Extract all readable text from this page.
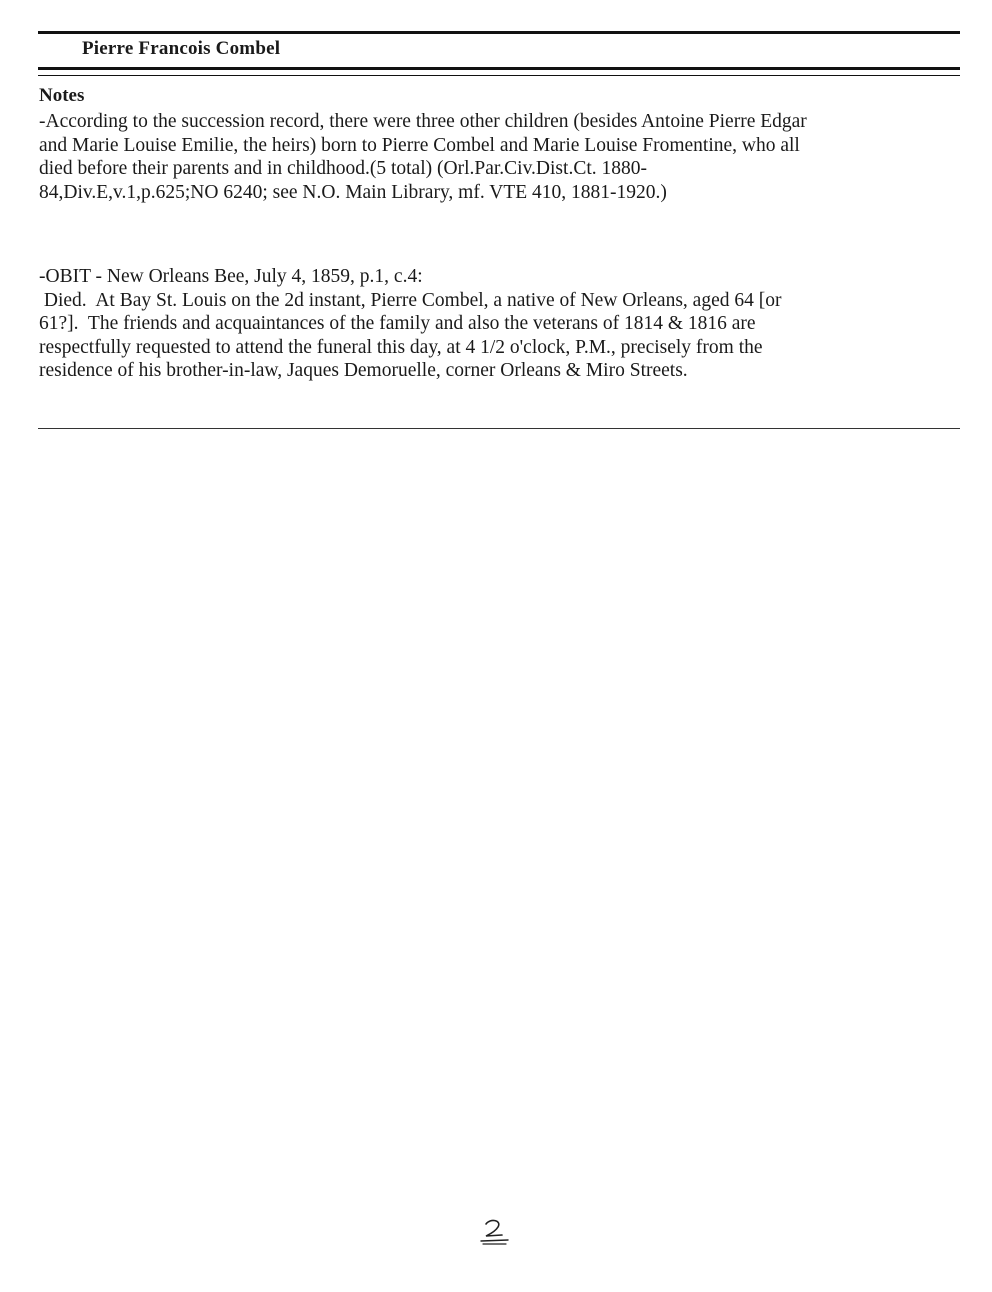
Pierre Francois Combel
Notes
-According to the succession record, there were three other children (besides Antoine Pierre Edgar
and Marie Louise Emilie, the heirs) born to Pierre Combel and Marie Louise Fromentine, who all
died before their parents and in childhood.(5 total) (Orl.Par.Civ.Dist.Ct. 1880-
84,Div.E,v.1,p.625;NO 6240; see N.O. Main Library, mf. VTE 410, 1881-1920.)
-OBIT - New Orleans Bee, July 4, 1859, p.1, c.4:
Died.  At Bay St. Louis on the 2d instant, Pierre Combel, a native of New Orleans, aged 64 [or
61?].  The friends and acquaintances of the family and also the veterans of 1814 & 1816 are
respectfully requested to attend the funeral this day, at 4 1/2 o'clock, P.M., precisely from the
residence of his brother-in-law, Jaques Demoruelle, corner Orleans & Miro Streets.
